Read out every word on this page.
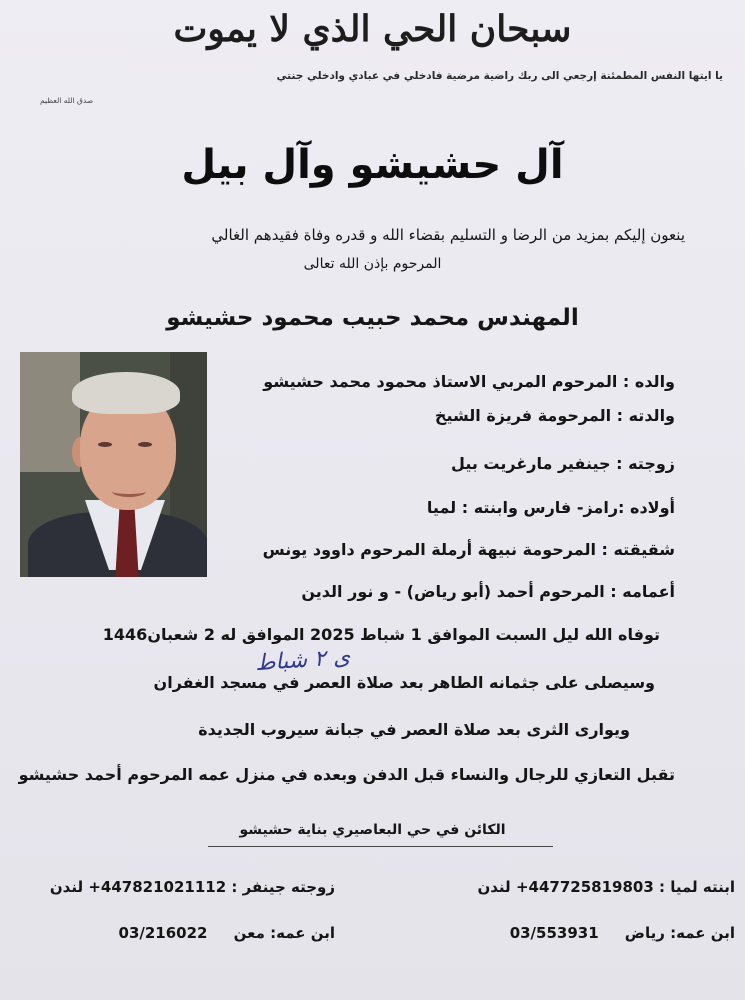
سبحان الحي الذي لا يموت
يا ايتها النفس المطمئنة إرجعي الى ربك راضية مرضية فادخلي في عبادي وادخلي جنتي
صدق الله العظيم
آل حشيشو وآل بيل
ينعون إليكم بمزيد من الرضا و التسليم بقضاء الله و قدره وفاة فقيدهم الغالي
المرحوم بإذن الله تعالى
المهندس محمد حبيب محمود حشيشو
والده : المرحوم المربي الاستاذ محمود محمد حشيشو
والدته : المرحومة فريزة الشيخ
زوجته : جينفير مارغريت بيل
أولاده :رامز- فارس وابنته : لميا
شقيقته : المرحومة نبيهة أرملة المرحوم داوود يونس
أعمامه : المرحوم أحمد (أبو رياض) - و نور الدين
توفاه الله ليل السبت الموافق 1 شباط 2025 الموافق له 2 شعبان1446
ى ٢ شباط
وسيصلى على جثمانه الطاهر بعد صلاة العصر في مسجد الغفران
ويوارى الثرى بعد صلاة العصر في جبانة سيروب الجديدة
تقبل التعازي للرجال والنساء قبل الدفن وبعده في منزل عمه المرحوم أحمد حشيشو
الكائن في حي البعاصيري بناية حشيشو
ابنته لميا : +447725819803 لندن
زوجته جينفر : +447821021112 لندن
ابن عمه: رياض     03/553931
ابن عمه: معن     03/216022
